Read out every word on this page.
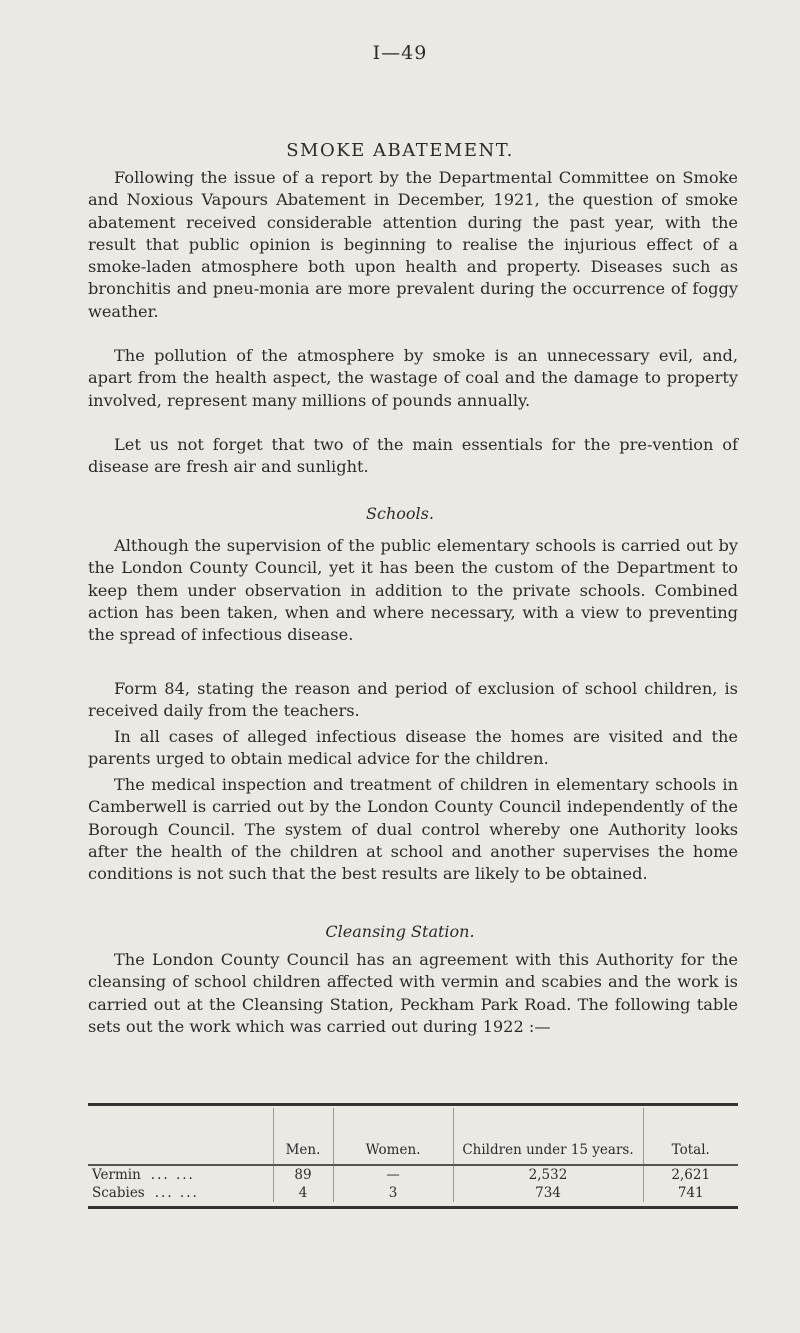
I—49
SMOKE ABATEMENT.

Following the issue of a report by the Departmental Committee on Smoke and Noxious Vapours Abatement in December, 1921, the question of smoke abatement received considerable attention during the past year, with the result that public opinion is beginning to realise the injurious effect of a smoke-laden atmosphere both upon health and property. Diseases such as bronchitis and pneu-monia are more prevalent during the occurrence of foggy weather.

The pollution of the atmosphere by smoke is an unnecessary evil, and, apart from the health aspect, the wastage of coal and the damage to property involved, represent many millions of pounds annually.

Let us not forget that two of the main essentials for the pre-vention of disease are fresh air and sunlight.

Schools.

Although the supervision of the public elementary schools is carried out by the London County Council, yet it has been the custom of the Department to keep them under observation in addition to the private schools. Combined action has been taken, when and where necessary, with a view to preventing the spread of infectious disease.

Form 84, stating the reason and period of exclusion of school children, is received daily from the teachers.

In all cases of alleged infectious disease the homes are visited and the parents urged to obtain medical advice for the children.

The medical inspection and treatment of children in elementary schools in Camberwell is carried out by the London County Council independently of the Borough Council. The system of dual control whereby one Authority looks after the health of the children at school and another supervises the home conditions is not such that the best results are likely to be obtained.

Cleansing Station.

The London County Council has an agreement with this Authority for the cleansing of school children affected with vermin and scabies and the work is carried out at the Cleansing Station, Peckham Park Road. The following table sets out the work which was carried out during 1922 :—

	Men.	Women.	Children under 15 years.	Total.
Vermin ... ...	89	—	2,532	2,621
Scabies ... ...	4	3	734	741
